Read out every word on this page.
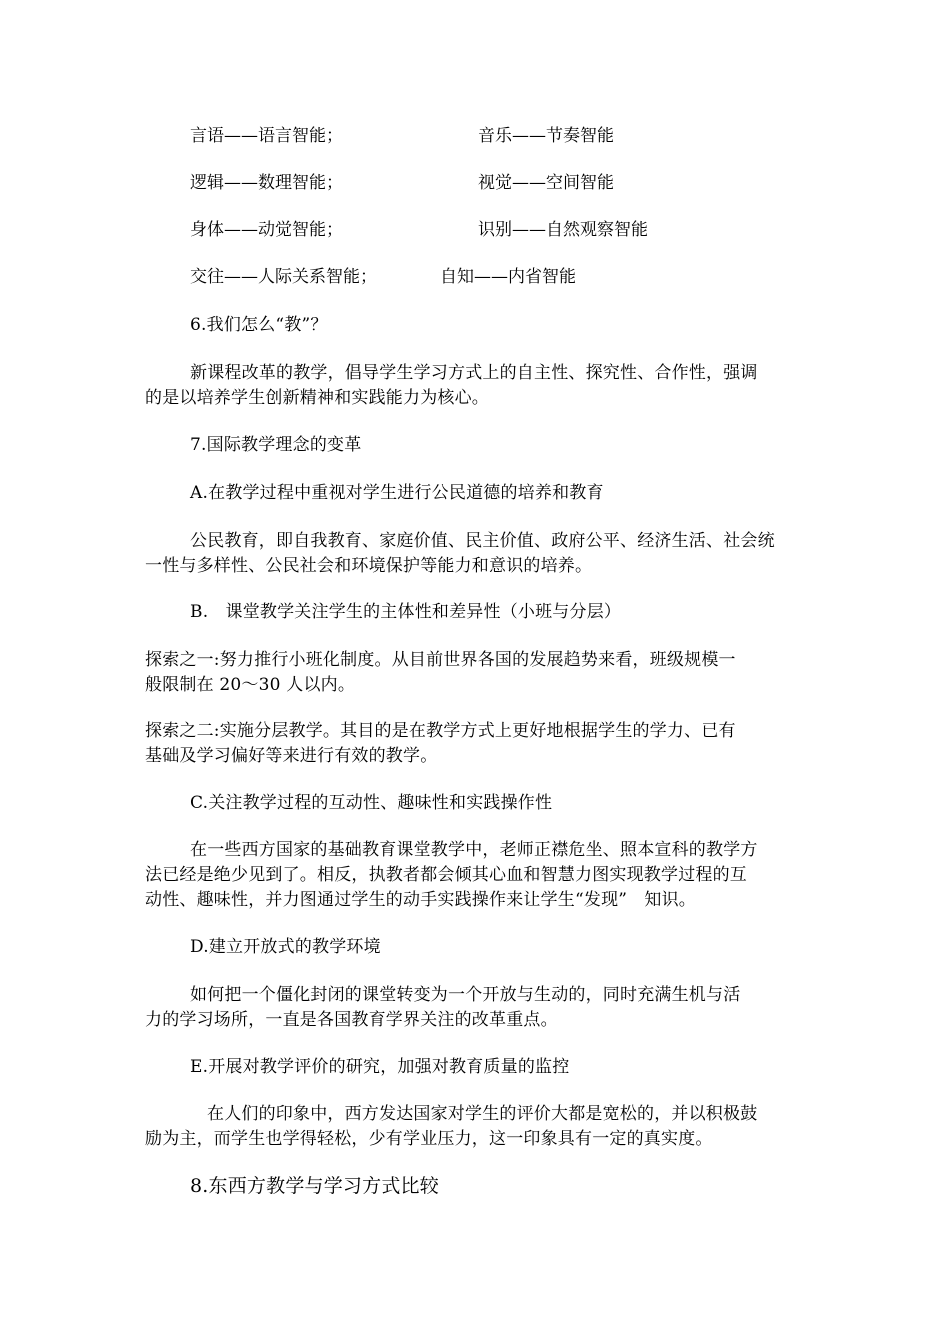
言语——语言智能；	音乐——节奏智能
逻辑——数理智能；	视觉——空间智能
身体——动觉智能；	识别——自然观察智能
交往——人际关系智能；	自知——内省智能
6.我们怎么“教”？
新课程改革的教学，倡导学生学习方式上的自主性、探究性、合作性，强调
的是以培养学生创新精神和实践能力为核心。
7.国际教学理念的变革
A.在教学过程中重视对学生进行公民道德的培养和教育
公民教育，即自我教育、家庭价值、民主价值、政府公平、经济生活、社会统
一性与多样性、公民社会和环境保护等能力和意识的培养。
B.　课堂教学关注学生的主体性和差异性（小班与分层）
探索之一:努力推行小班化制度。从目前世界各国的发展趋势来看，班级规模一
般限制在 20～30 人以内。
探索之二:实施分层教学。其目的是在教学方式上更好地根据学生的学力、已有
基础及学习偏好等来进行有效的教学。
C.关注教学过程的互动性、趣味性和实践操作性
在一些西方国家的基础教育课堂教学中，老师正襟危坐、照本宣科的教学方
法已经是绝少见到了。相反，执教者都会倾其心血和智慧力图实现教学过程的互
动性、趣味性，并力图通过学生的动手实践操作来让学生“发现”　知识。
D.建立开放式的教学环境
如何把一个僵化封闭的课堂转变为一个开放与生动的，同时充满生机与活
力的学习场所，一直是各国教育学界关注的改革重点。
E.开展对教学评价的研究，加强对教育质量的监控
在人们的印象中，西方发达国家对学生的评价大都是宽松的，并以积极鼓
励为主，而学生也学得轻松，少有学业压力，这一印象具有一定的真实度。
8.东西方教学与学习方式比较
